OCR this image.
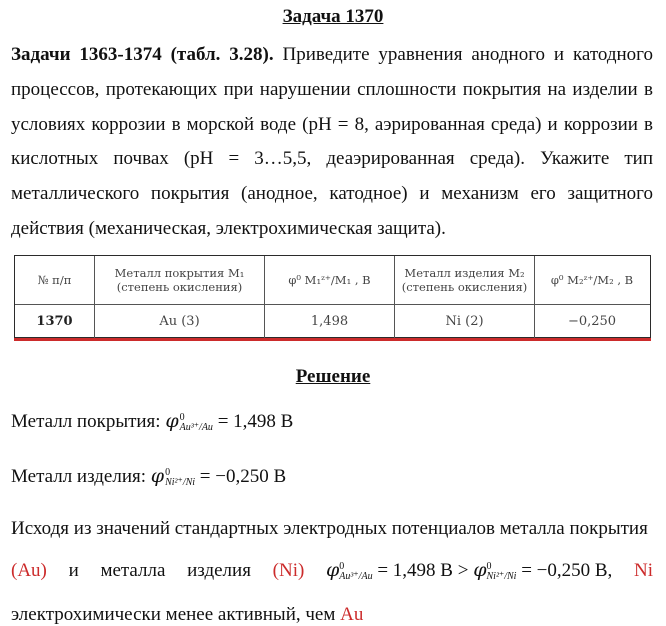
Задача 1370
Задачи 1363-1374 (табл. 3.28). Приведите уравнения анодного и катодного процессов, протекающих при нарушении сплошности покрытия на изделии в условиях коррозии в морской воде (рН = 8, аэрированная среда) и коррозии в кислотных почвах (рН = 3…5,5, деаэрированная среда). Укажите тип металлического покрытия (анодное, катодное) и механизм его защитного действия (механическая, электрохимическая защита).
№ п/п	Металл покрытия M₁ (степень окисления)	φ⁰ M₁ᶻ⁺/M₁ , В	Металл изделия M₂ (степень окисления)	φ⁰ M₂ᶻ⁺/M₂ , В
1370	Au (3)	1,498	Ni (2)	−0,250
Решение
Металл покрытия: φ 0
Au³⁺/Au = 1,498 В
Металл изделия: φ 0
Ni²⁺/Ni = −0,250 В
Исходя из значений стандартных электродных потенциалов металла покрытия
(Au) и металла изделия (Ni) φ 0
Au³⁺/Au = 1,498 В > φ 0
Ni²⁺/Ni = −0,250 В, Ni
электрохимически менее активный, чем Au
